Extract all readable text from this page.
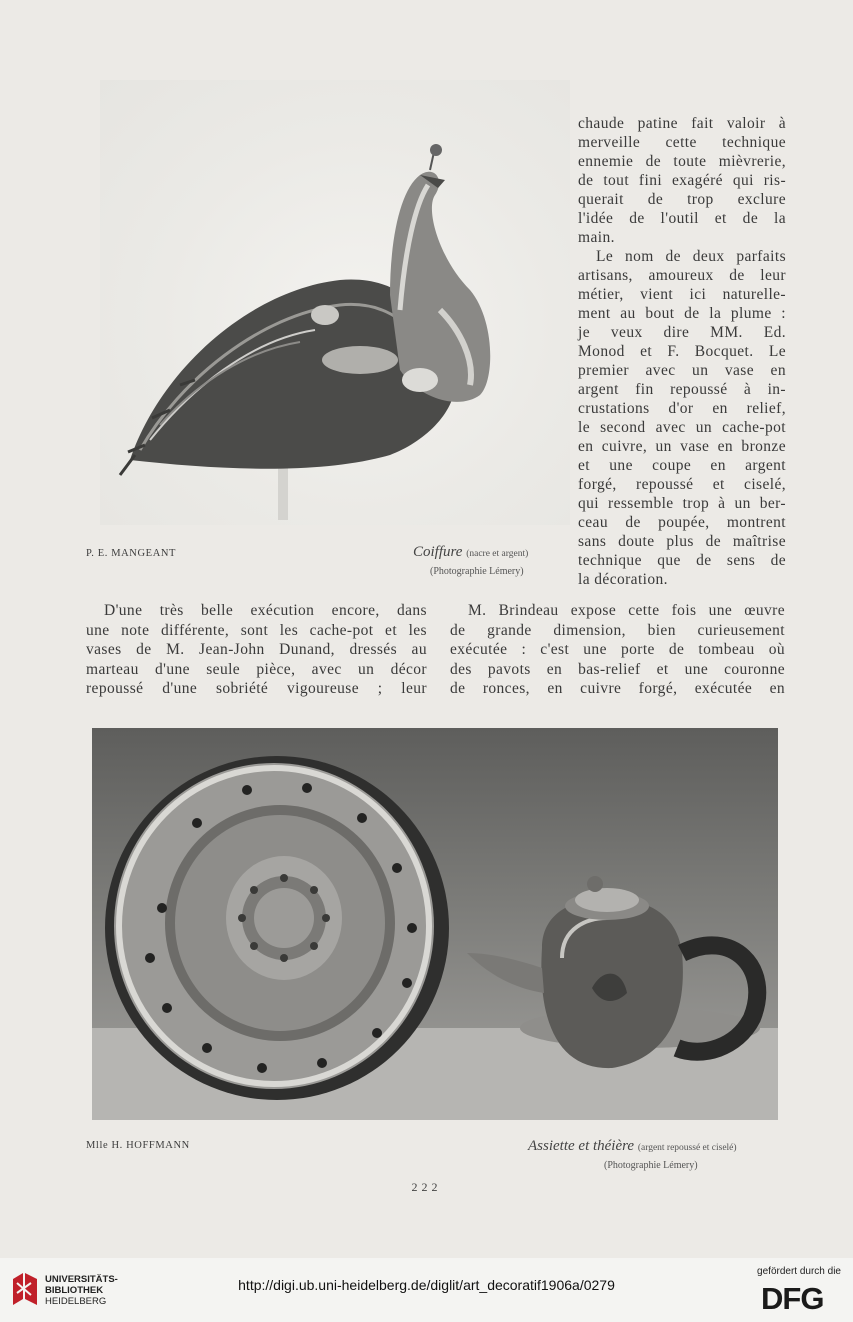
P. E. MANGEANT	Coiffure (nacre et argent)
(Photographie Lémery)
chaude patine fait valoir à
merveille cette technique
ennemie de toute mièvrerie,
de tout fini exagéré qui ris-
querait de trop exclure
l'idée de l'outil et de la
main.
Le nom de deux parfaits
artisans, amoureux de leur
métier, vient ici naturelle-
ment au bout de la plume :
je veux dire MM. Ed.
Monod et F. Bocquet. Le
premier avec un vase en
argent fin repoussé à in-
crustations d'or en relief,
le second avec un cache-pot
en cuivre, un vase en bronze
et une coupe en argent
forgé, repoussé et ciselé,
qui ressemble trop à un ber-
ceau de poupée, montrent
sans doute plus de maîtrise
technique que de sens de
la décoration.
D'une très belle exécution encore, dans
une note différente, sont les cache-pot et les
vases de M. Jean-John Dunand, dressés au
marteau d'une seule pièce, avec un décor
repoussé d'une sobriété vigoureuse ; leur
M. Brindeau expose cette fois une œuvre
de grande dimension, bien curieusement
exécutée : c'est une porte de tombeau où
des pavots en bas-relief et une couronne
de ronces, en cuivre forgé, exécutée en
Mlle H. HOFFMANN	Assiette et théière (argent repoussé et ciselé)
(Photographie Lémery)
222
UNIVERSITÄTS-
BIBLIOTHEK
HEIDELBERG
http://digi.ub.uni-heidelberg.de/diglit/art_decoratif1906a/0279
gefördert durch die
DFG
